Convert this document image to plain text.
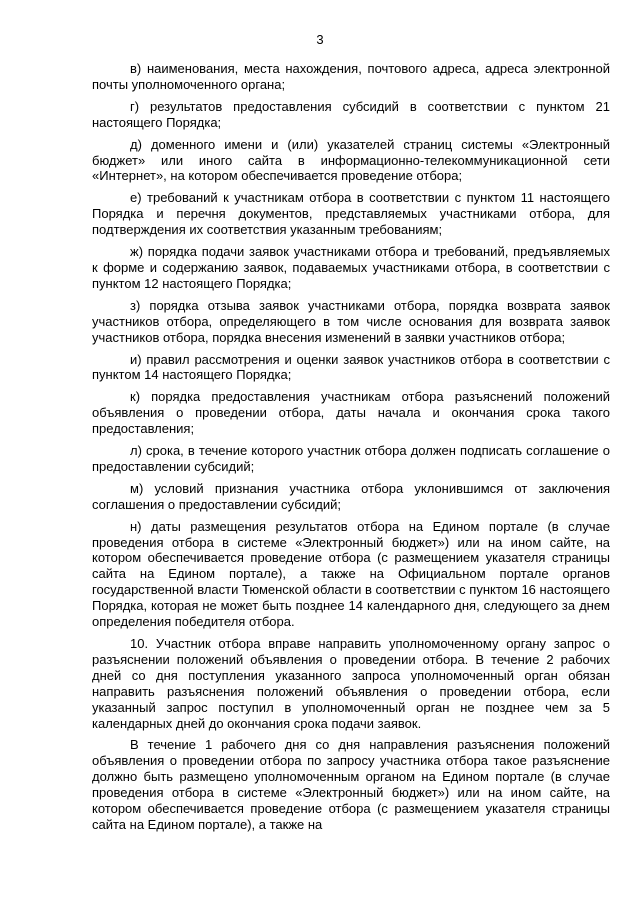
3

в) наименования, места нахождения, почтового адреса, адреса электронной почты уполномоченного органа;

г) результатов предоставления субсидий в соответствии с пунктом 21 настоящего Порядка;

д) доменного имени и (или) указателей страниц системы «Электронный бюджет» или иного сайта в информационно-телекоммуникационной сети «Интернет», на котором обеспечивается проведение отбора;

е) требований к участникам отбора в соответствии с пунктом 11 настоящего Порядка и перечня документов, представляемых участниками отбора, для подтверждения их соответствия указанным требованиям;

ж) порядка подачи заявок участниками отбора и требований, предъявляемых к форме и содержанию заявок, подаваемых участниками отбора, в соответствии с пунктом 12 настоящего Порядка;

з) порядка отзыва заявок участниками отбора, порядка возврата заявок участников отбора, определяющего в том числе основания для возврата заявок участников отбора, порядка внесения изменений в заявки участников отбора;

и) правил рассмотрения и оценки заявок участников отбора в соответствии с пунктом 14 настоящего Порядка;

к) порядка предоставления участникам отбора разъяснений положений объявления о проведении отбора, даты начала и окончания срока такого предоставления;

л) срока, в течение которого участник отбора должен подписать соглашение о предоставлении субсидий;

м) условий признания участника отбора уклонившимся от заключения соглашения о предоставлении субсидий;

н) даты размещения результатов отбора на Едином портале (в случае проведения отбора в системе «Электронный бюджет») или на ином сайте, на котором обеспечивается проведение отбора (с размещением указателя страницы сайта на Едином портале), а также на Официальном портале органов государственной власти Тюменской области в соответствии с пунктом 16 настоящего Порядка, которая не может быть позднее 14 календарного дня, следующего за днем определения победителя отбора.

10. Участник отбора вправе направить уполномоченному органу запрос о разъяснении положений объявления о проведении отбора. В течение 2 рабочих дней со дня поступления указанного запроса уполномоченный орган обязан направить разъяснения положений объявления о проведении отбора, если указанный запрос поступил в уполномоченный орган не позднее чем за 5 календарных дней до окончания срока подачи заявок.

В течение 1 рабочего дня со дня направления разъяснения положений объявления о проведении отбора по запросу участника отбора такое разъяснение должно быть размещено уполномоченным органом на Едином портале (в случае проведения отбора в системе «Электронный бюджет») или на ином сайте, на котором обеспечивается проведение отбора (с размещением указателя страницы сайта на Едином портале), а также на
